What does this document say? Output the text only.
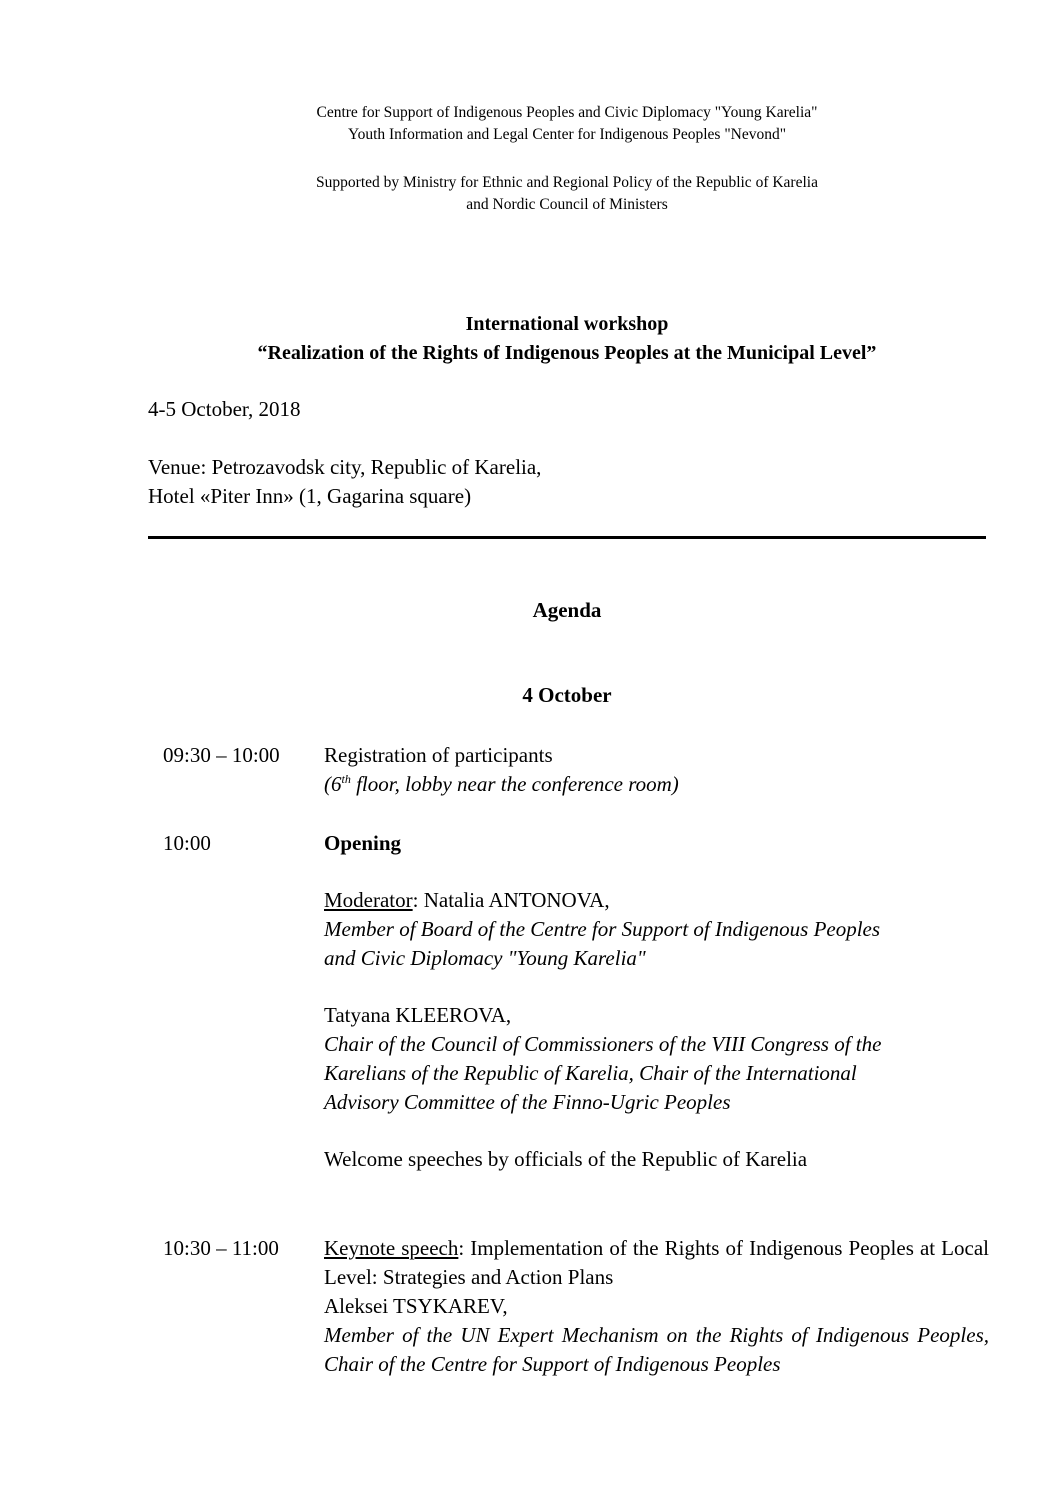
Centre for Support of Indigenous Peoples and Civic Diplomacy "Young Karelia"
Youth Information and Legal Center for Indigenous Peoples "Nevond"
Supported by Ministry for Ethnic and Regional Policy of the Republic of Karelia
and Nordic Council of Ministers
International workshop
“Realization of the Rights of Indigenous Peoples at the Municipal Level”
4-5 October, 2018
Venue: Petrozavodsk city, Republic of Karelia,
Hotel «Piter Inn» (1, Gagarina square)
Agenda
4 October
09:30 – 10:00 Registration of participants
(6th floor, lobby near the conference room)
10:00	Opening
Moderator: Natalia ANTONOVA,
Member of Board of the Centre for Support of Indigenous Peoples
and Civic Diplomacy "Young Karelia"
Tatyana KLEEROVA,
Chair of the Council of Commissioners of the VIII Congress of the
Karelians of the Republic of Karelia, Chair of the International
Advisory Committee of the Finno-Ugric Peoples
Welcome speeches by officials of the Republic of Karelia
10:30 – 11:00 Keynote speech: Implementation of the Rights of Indigenous Peoples at Local Level: Strategies and Action Plans
Aleksei TSYKAREV,
Member of the UN Expert Mechanism on the Rights of Indigenous Peoples, Chair of the Centre for Support of Indigenous Peoples
